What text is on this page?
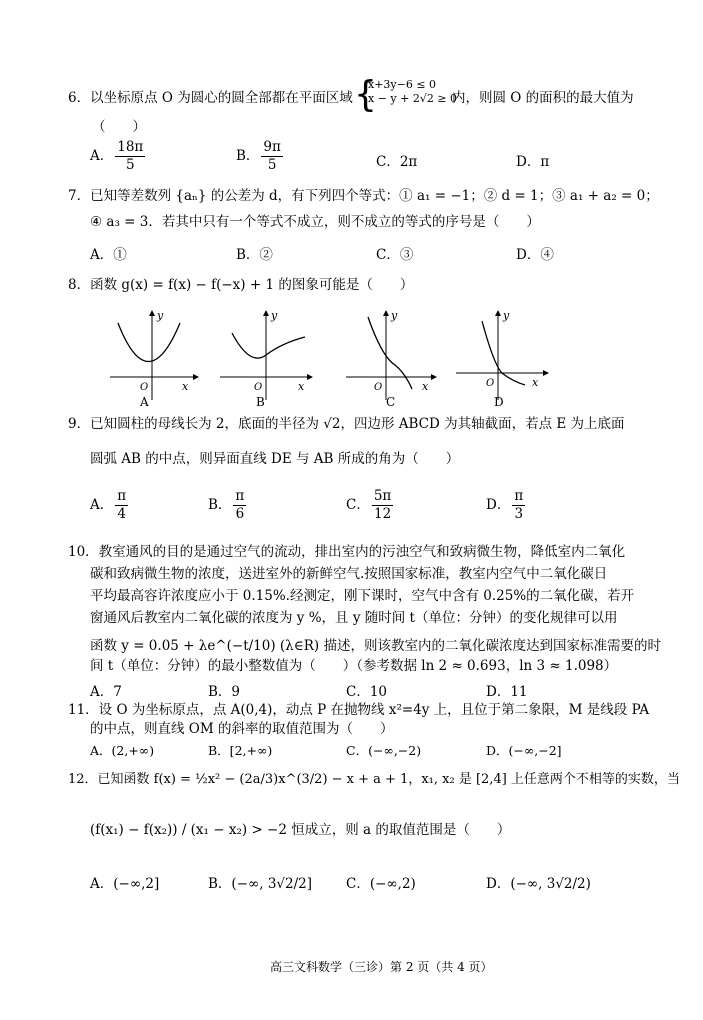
6．以坐标原点 O 为圆心的圆全部都在平面区域 {
x+3y−6 ≤ 0
x − y + 2√2 ≥ 0
内，则圆 O 的面积的最大值为
（　　）
A． $\frac{18\pi}{5}$	B． $\frac{9\pi}{5}$	C．2π	D．π
7．已知等差数列 {aₙ} 的公差为 d，有下列四个等式：① a₁ = −1；② d = 1；③ a₁ + a₂ = 0；
④ a₃ = 3．若其中只有一个等式不成立，则不成立的等式的序号是（　　）
A．①	B．②	C．③	D．④
8．函数 g(x) = f(x) − f(−x) + 1 的图象可能是（　　）
y
x
O
A
y
x
O
B
y
x
O
C
y
x
O
D
9．已知圆柱的母线长为 2，底面的半径为 √2，四边形 ABCD 为其轴截面，若点 E 为上底面
圆弧 AB 的中点，则异面直线 DE 与 AB 所成的角为（　　）
A． $\frac{\pi}{4}$	B． $\frac{\pi}{6}$	C． $\frac{5\pi}{12}$	D． $\frac{\pi}{3}$
10．教室通风的目的是通过空气的流动，排出室内的污浊空气和致病微生物，降低室内二氧化
碳和致病微生物的浓度，送进室外的新鲜空气.按照国家标准，教室内空气中二氧化碳日
平均最高容许浓度应小于 0.15%.经测定，刚下课时，空气中含有 0.25%的二氧化碳，若开
窗通风后教室内二氧化碳的浓度为 y %，且 y 随时间 t（单位：分钟）的变化规律可以用
函数 y = 0.05 + λe^(−t/10) (λ∈R) 描述，则该教室内的二氧化碳浓度达到国家标准需要的时
间 t（单位：分钟）的最小整数值为（　　）（参考数据 ln 2 ≈ 0.693，ln 3 ≈ 1.098）
A．7	B．9	C．10	D．11
11．设 O 为坐标原点，点 A(0,4)，动点 P 在抛物线 x²=4y 上，且位于第二象限，M 是线段 PA
的中点，则直线 OM 的斜率的取值范围为（　　）
A．(2,+∞)	B．[2,+∞)	C．(−∞,−2)	D．(−∞,−2]
12．已知函数 f(x) = ½x² − (2a/3)x^(3/2) − x + a + 1，x₁, x₂ 是 [2,4] 上任意两个不相等的实数，当
(f(x₁) − f(x₂)) / (x₁ − x₂) > −2 恒成立，则 a 的取值范围是（　　）
A．(−∞,2]	B．(−∞, 3√2/2]	C．(−∞,2)	D．(−∞, 3√2/2)
高三文科数学（三诊）第 2 页（共 4 页）
